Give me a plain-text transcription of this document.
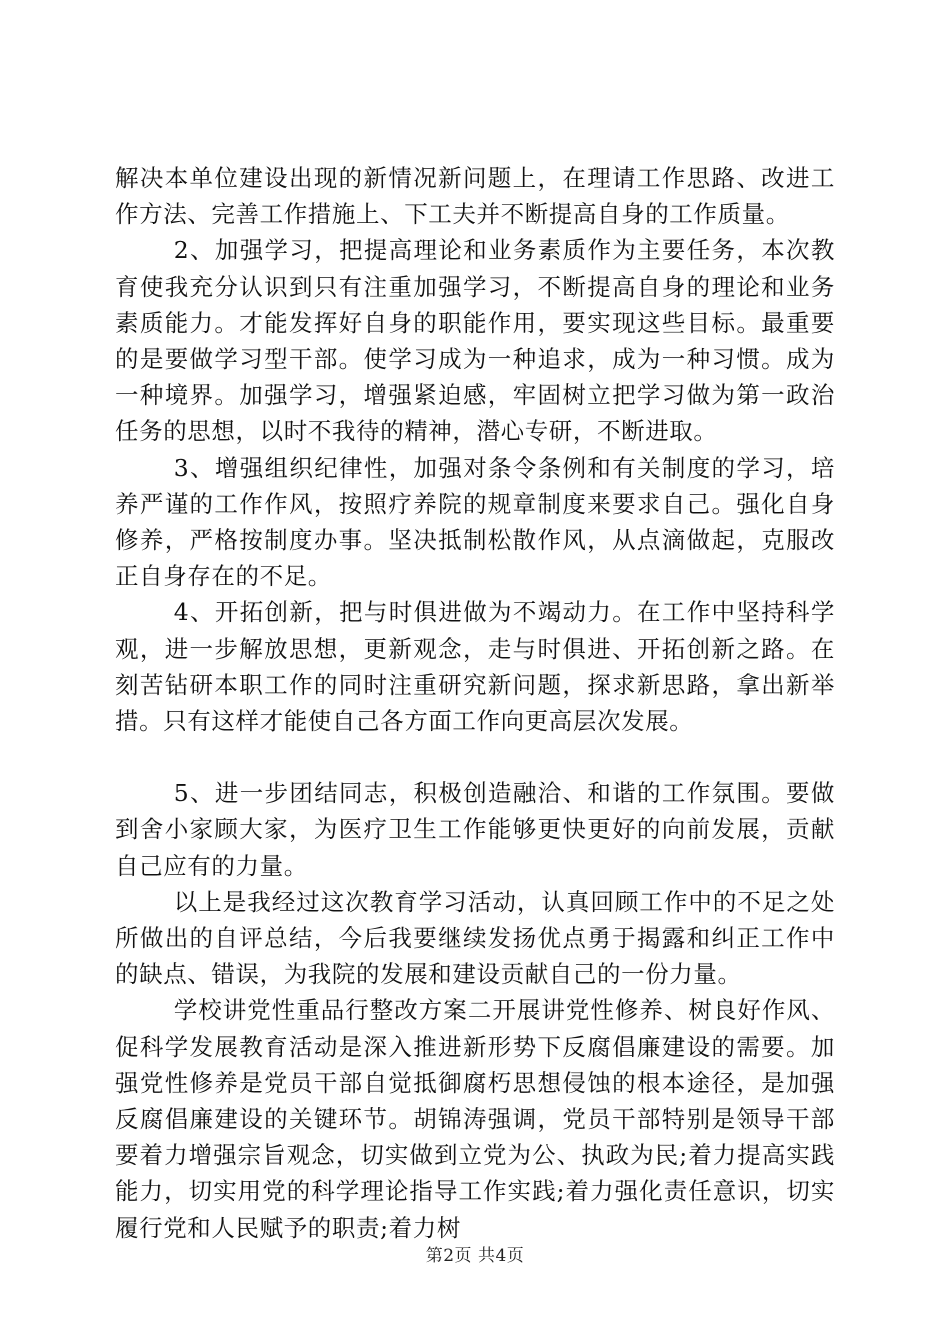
解决本单位建设出现的新情况新问题上，在理请工作思路、改进工作方法、完善工作措施上、下工夫并不断提高自身的工作质量。

2、加强学习，把提高理论和业务素质作为主要任务，本次教育使我充分认识到只有注重加强学习，不断提高自身的理论和业务素质能力。才能发挥好自身的职能作用，要实现这些目标。最重要的是要做学习型干部。使学习成为一种追求，成为一种习惯。成为一种境界。加强学习，增强紧迫感，牢固树立把学习做为第一政治任务的思想，以时不我待的精神，潜心专研，不断进取。

3、增强组织纪律性，加强对条令条例和有关制度的学习，培养严谨的工作作风，按照疗养院的规章制度来要求自己。强化自身修养，严格按制度办事。坚决抵制松散作风，从点滴做起，克服改正自身存在的不足。

4、开拓创新，把与时俱进做为不竭动力。在工作中坚持科学观，进一步解放思想，更新观念，走与时俱进、开拓创新之路。在刻苦钻研本职工作的同时注重研究新问题，探求新思路，拿出新举措。只有这样才能使自己各方面工作向更高层次发展。

5、进一步团结同志，积极创造融洽、和谐的工作氛围。要做到舍小家顾大家，为医疗卫生工作能够更快更好的向前发展，贡献自己应有的力量。

以上是我经过这次教育学习活动，认真回顾工作中的不足之处所做出的自评总结，今后我要继续发扬优点勇于揭露和纠正工作中的缺点、错误，为我院的发展和建设贡献自己的一份力量。

学校讲党性重品行整改方案二开展讲党性修养、树良好作风、促科学发展教育活动是深入推进新形势下反腐倡廉建设的需要。加强党性修养是党员干部自觉抵御腐朽思想侵蚀的根本途径，是加强反腐倡廉建设的关键环节。胡锦涛强调，党员干部特别是领导干部要着力增强宗旨观念，切实做到立党为公、执政为民;着力提高实践能力，切实用党的科学理论指导工作实践;着力强化责任意识，切实履行党和人民赋予的职责;着力树

第2页 共4页
